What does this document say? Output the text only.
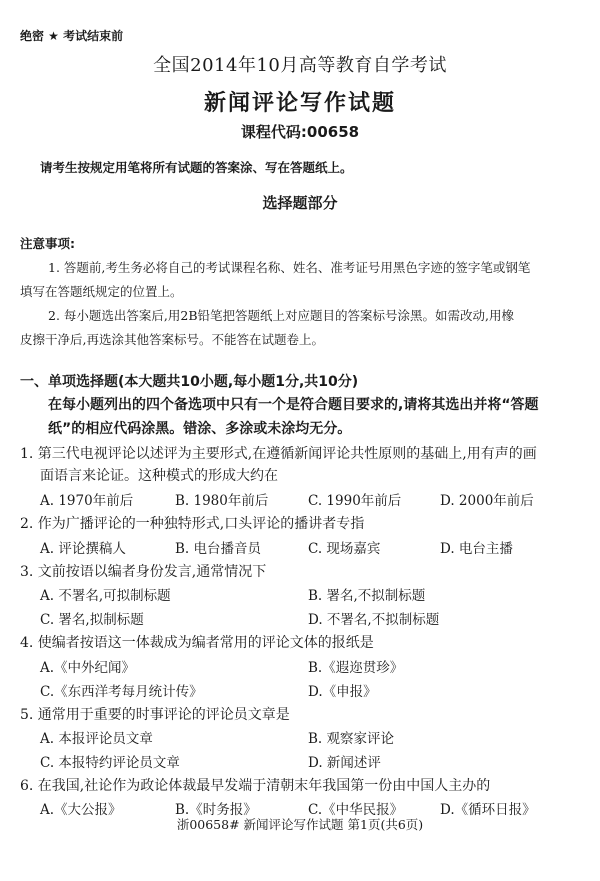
绝密 ★ 考试结束前
全国2014年10月高等教育自学考试
新闻评论写作试题
课程代码:00658
请考生按规定用笔将所有试题的答案涂、写在答题纸上。
选择题部分
注意事项:
1. 答题前,考生务必将自己的考试课程名称、姓名、准考证号用黑色字迹的签字笔或钢笔
填写在答题纸规定的位置上。
2. 每小题选出答案后,用2B铅笔把答题纸上对应题目的答案标号涂黑。如需改动,用橡
皮擦干净后,再选涂其他答案标号。不能答在试题卷上。
一、单项选择题(本大题共10小题,每小题1分,共10分)
在每小题列出的四个备选项中只有一个是符合题目要求的,请将其选出并将“答题
纸”的相应代码涂黑。错涂、多涂或未涂均无分。
1. 第三代电视评论以述评为主要形式,在遵循新闻评论共性原则的基础上,用有声的画
面语言来论证。这种模式的形成大约在
A. 1970年前后	B. 1980年前后	C. 1990年前后	D. 2000年前后
2. 作为广播评论的一种独特形式,口头评论的播讲者专指
A. 评论撰稿人	B. 电台播音员	C. 现场嘉宾	D. 电台主播
3. 文前按语以编者身份发言,通常情况下
A. 不署名,可拟制标题	B. 署名,不拟制标题
C. 署名,拟制标题	D. 不署名,不拟制标题
4. 使编者按语这一体裁成为编者常用的评论文体的报纸是
A.《中外纪闻》	B.《遐迩贯珍》
C.《东西洋考每月统计传》	D.《申报》
5. 通常用于重要的时事评论的评论员文章是
A. 本报评论员文章	B. 观察家评论
C. 本报特约评论员文章	D. 新闻述评
6. 在我国,社论作为政论体裁最早发端于清朝末年我国第一份由中国人主办的
A.《大公报》	B.《时务报》	C.《中华民报》	D.《循环日报》
浙00658# 新闻评论写作试题 第1页(共6页)
